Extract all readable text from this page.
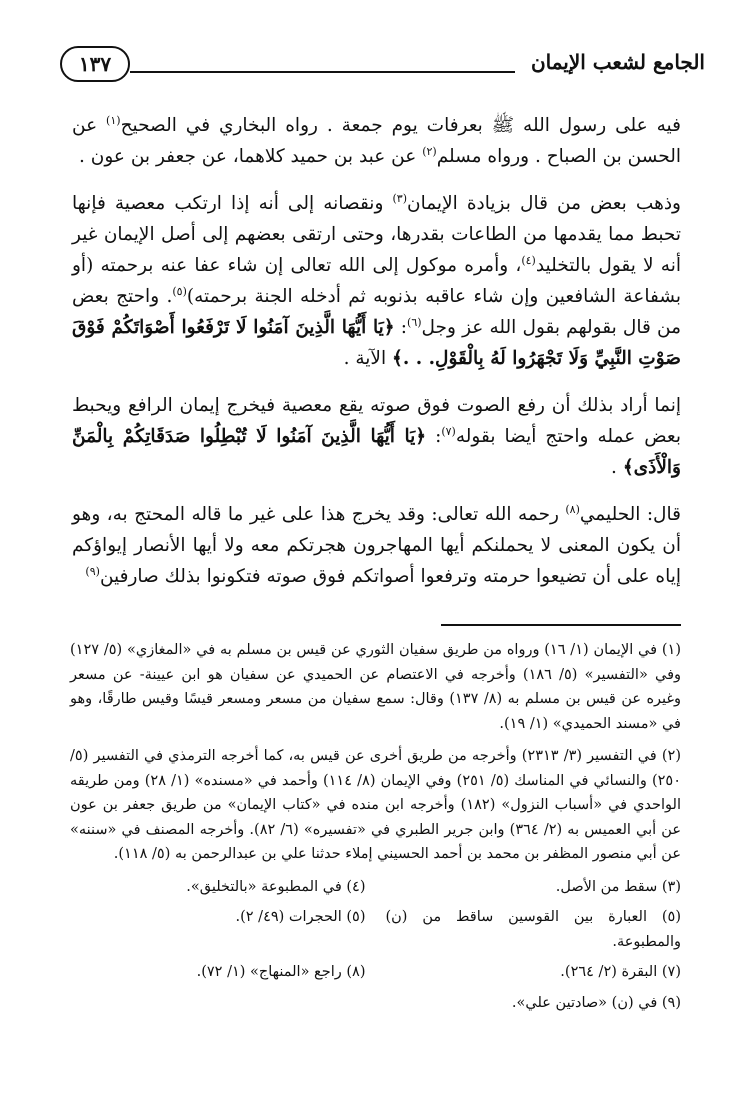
الجامع لشعب الإيمان
١٣٧

فيه على رسول الله ﷺ بعرفات يوم جمعة . رواه البخاري في الصحيح$^{(١)}$ عن الحسن بن الصباح . ورواه مسلم$^{(٢)}$ عن عبد بن حميد كلاهما، عن جعفر بن عون .

وذهب بعض من قال بزيادة الإيمان$^{(٣)}$ ونقصانه إلى أنه إذا ارتكب معصية فإنها تحبط مما يقدمها من الطاعات بقدرها، وحتى ارتقى بعضهم إلى أصل الإيمان غير أنه لا يقول بالتخليد$^{(٤)}$، وأمره موكول إلى الله تعالى إن شاء عفا عنه برحمته (أو بشفاعة الشافعين وإن شاء عاقبه بذنوبه ثم أدخله الجنة برحمته)$^{(٥)}$. واحتج بعض من قال بقولهم بقول الله عز وجل$^{(٦)}$: ﴿يَا أَيُّهَا الَّذِينَ آمَنُوا لَا تَرْفَعُوا أَصْوَاتَكُمْ فَوْقَ صَوْتِ النَّبِيِّ وَلَا تَجْهَرُوا لَهُ بِالْقَوْلِ. . .﴾ الآية .

إنما أراد بذلك أن رفع الصوت فوق صوته يقع معصية فيخرج إيمان الرافع ويحبط بعض عمله واحتج أيضا بقوله$^{(٧)}$: ﴿يَا أَيُّهَا الَّذِينَ آمَنُوا لَا تُبْطِلُوا صَدَقَاتِكُمْ بِالْمَنِّ وَالْأَذَى﴾ .

قال: الحليمي$^{(٨)}$ رحمه الله تعالى: وقد يخرج هذا على غير ما قاله المحتج به، وهو أن يكون المعنى لا يحملنكم أيها المهاجرون هجرتكم معه ولا أيها الأنصار إيواؤكم إياه على أن تضيعوا حرمته وترفعوا أصواتكم فوق صوته فتكونوا بذلك صارفين$^{(٩)}$

(١) في الإيمان (١/ ١٦) ورواه من طريق سفيان الثوري عن قيس بن مسلم به في «المغازي» (٥/ ١٢٧) وفي «التفسير» (٥/ ١٨٦) وأخرجه في الاعتصام عن الحميدي عن سفيان هو ابن عيينة- عن مسعر وغيره عن قيس بن مسلم به (٨/ ١٣٧) وقال: سمع سفيان من مسعر ومسعر قيسًا وقيس طارقًا، وهو في «مسند الحميدي» (١/ ١٩).

(٢) في التفسير (٣/ ٢٣١٣) وأخرجه من طريق أخرى عن قيس به، كما أخرجه الترمذي في التفسير (٥/ ٢٥٠) والنسائي في المناسك (٥/ ٢٥١) وفي الإيمان (٨/ ١١٤) وأحمد في «مسنده» (١/ ٢٨) ومن طريقه الواحدي في «أسباب النزول» (١٨٢) وأخرجه ابن منده في «كتاب الإيمان» من طريق جعفر بن عون عن أبي العميس به (٢/ ٣٦٤) وابن جرير الطبري في «تفسيره» (٦/ ٨٢). وأخرجه المصنف في «سننه» عن أبي منصور المظفر بن محمد بن أحمد الحسيني إملاء حدثنا علي بن عبدالرحمن به (٥/ ١١٨).

(٣) سقط من الأصل.

(٤) في المطبوعة «بالتخليق».

(٥) العبارة بين القوسين ساقط من (ن) والمطبوعة.

(٥) الحجرات (٤٩/ ٢).

(٧) البقرة (٢/ ٢٦٤).

(٨) راجع «المنهاج» (١/ ٧٢).

(٩) في (ن) «صادتين علي».
